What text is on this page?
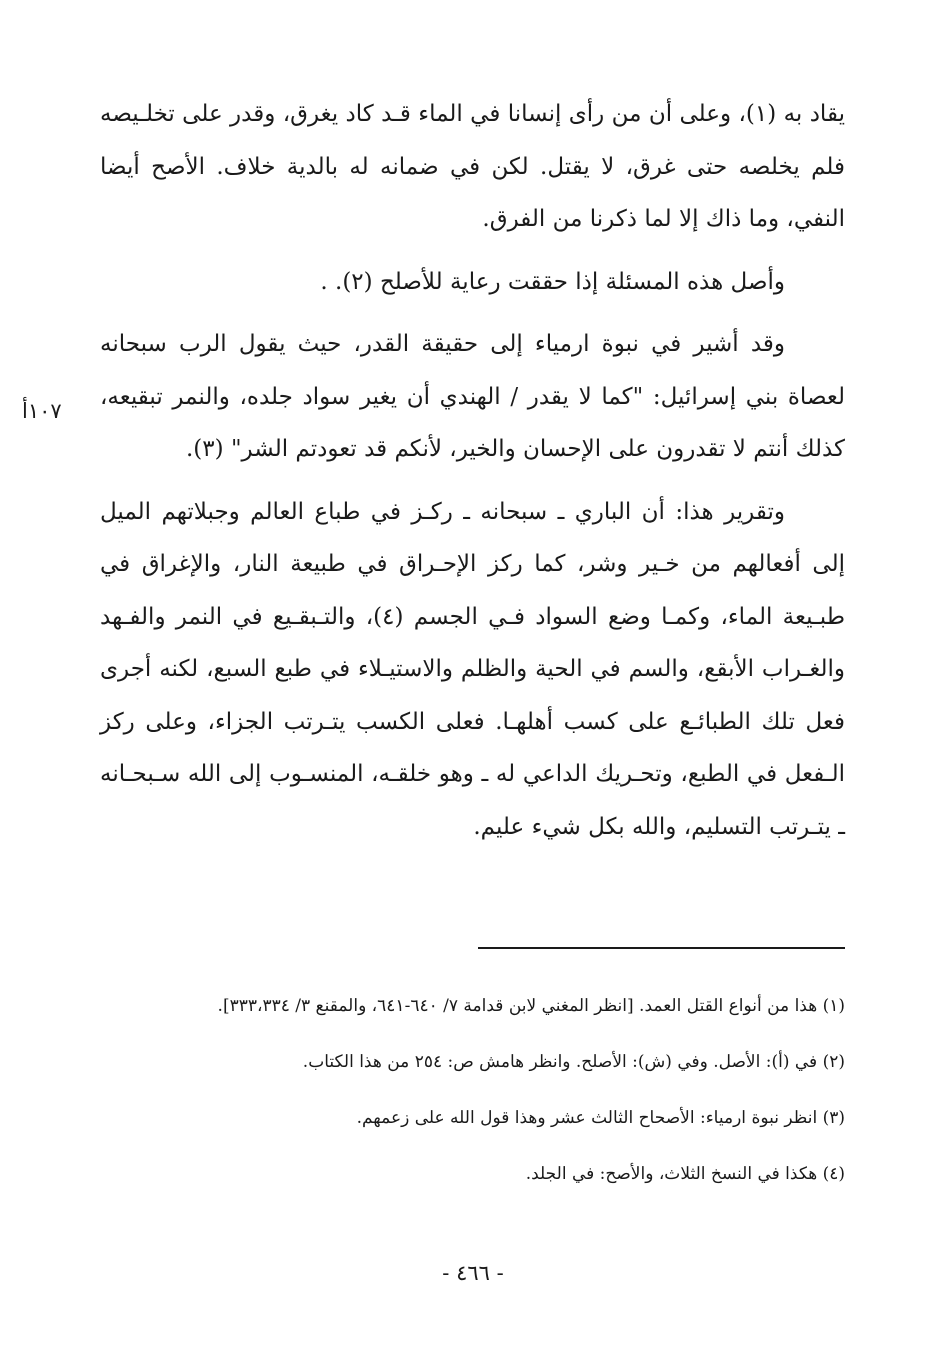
يقاد به (١)، وعلى أن من رأى إنسانا في الماء قـد كاد يغرق، وقدر على تخلـيصه فلم يخلصه حتى غرق، لا يقتل. لكن في ضمانه له بالدية خلاف. الأصح أيضا النفي، وما ذاك إلا لما ذكرنا من الفرق.

وأصل هذه المسئلة إذا حققت رعاية للأصلح (٢). .

وقد أشير في نبوة ارمياء إلى حقيقة القدر، حيث يقول الرب سبحانه لعصاة بني إسرائيل: "كما لا يقدر / الهندي أن يغير سواد جلده، والنمر تبقيعه، كذلك أنتم لا تقدرون على الإحسان والخير، لأنكم قد تعودتم الشر" (٣).

وتقرير هذا: أن الباري ـ سبحانه ـ ركـز في طباع العالم وجبلاتهم الميل إلى أفعالهم من خـير وشر، كما ركز الإحـراق في طبيعة النار، والإغراق في طبـيعة الماء، وكمـا وضع السواد فـي الجسم (٤)، والتـبقـيع في النمر والفـهد والغـراب الأبقع، والسم في الحية والظلم والاستيـلاء في طبع السبع، لكنه أجرى فعل تلك الطبائـع على كسب أهلهـا. فعلى الكسب يتـرتب الجزاء، وعلى ركز الـفعل في الطبع، وتحـريك الداعي له ـ وهو خلقـه، المنسـوب إلى الله سـبحـانه ـ يتـرتب التسليم، والله بكل شيء عليم.

١٠٧أ

(١) هذا من أنواع القتل العمد. [انظر المغني لابن قدامة ٧/ ٦٤٠-٦٤١، والمقنع ٣/ ٣٣٣،٣٣٤].

(٢) في (أ): الأصل. وفي (ش): الأصلح. وانظر هامش ص: ٢٥٤ من هذا الكتاب.

(٣) انظر نبوة ارمياء: الأصحاح الثالث عشر وهذا قول الله على زعمهم.

(٤) هكذا في النسخ الثلاث، والأصح: في الجلد.

- ٤٦٦ -
